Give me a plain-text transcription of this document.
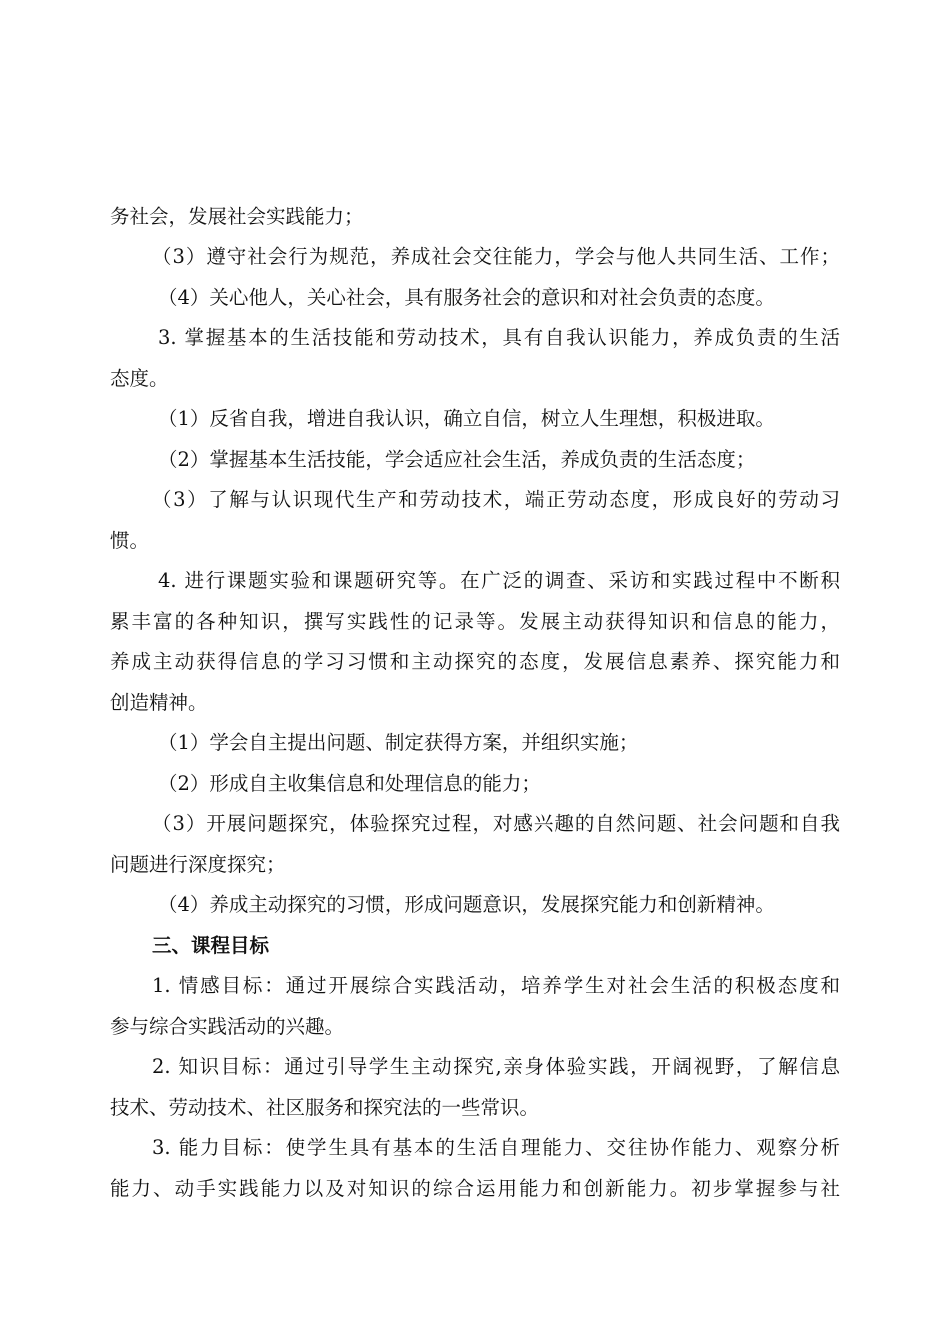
务社会，发展社会实践能力；
（3）遵守社会行为规范，养成社会交往能力，学会与他人共同生活、工作；
（4）关心他人，关心社会，具有服务社会的意识和对社会负责的态度。
3. 掌握基本的生活技能和劳动技术，具有自我认识能力，养成负责的生活
态度。
（1）反省自我，增进自我认识，确立自信，树立人生理想，积极进取。
（2）掌握基本生活技能，学会适应社会生活，养成负责的生活态度；
（3）了解与认识现代生产和劳动技术，端正劳动态度，形成良好的劳动习
惯。
4. 进行课题实验和课题研究等。在广泛的调查、采访和实践过程中不断积
累丰富的各种知识，撰写实践性的记录等。发展主动获得知识和信息的能力，
养成主动获得信息的学习习惯和主动探究的态度，发展信息素养、探究能力和
创造精神。
（1）学会自主提出问题、制定获得方案，并组织实施；
（2）形成自主收集信息和处理信息的能力；
（3）开展问题探究，体验探究过程，对感兴趣的自然问题、社会问题和自我
问题进行深度探究；
（4）养成主动探究的习惯，形成问题意识，发展探究能力和创新精神。
三、课程目标
1. 情感目标：通过开展综合实践活动，培养学生对社会生活的积极态度和
参与综合实践活动的兴趣。
2. 知识目标：通过引导学生主动探究,亲身体验实践，开阔视野，了解信息
技术、劳动技术、社区服务和探究法的一些常识。
3. 能力目标：使学生具有基本的生活自理能力、交往协作能力、观察分析
能力、动手实践能力以及对知识的综合运用能力和创新能力。初步掌握参与社
